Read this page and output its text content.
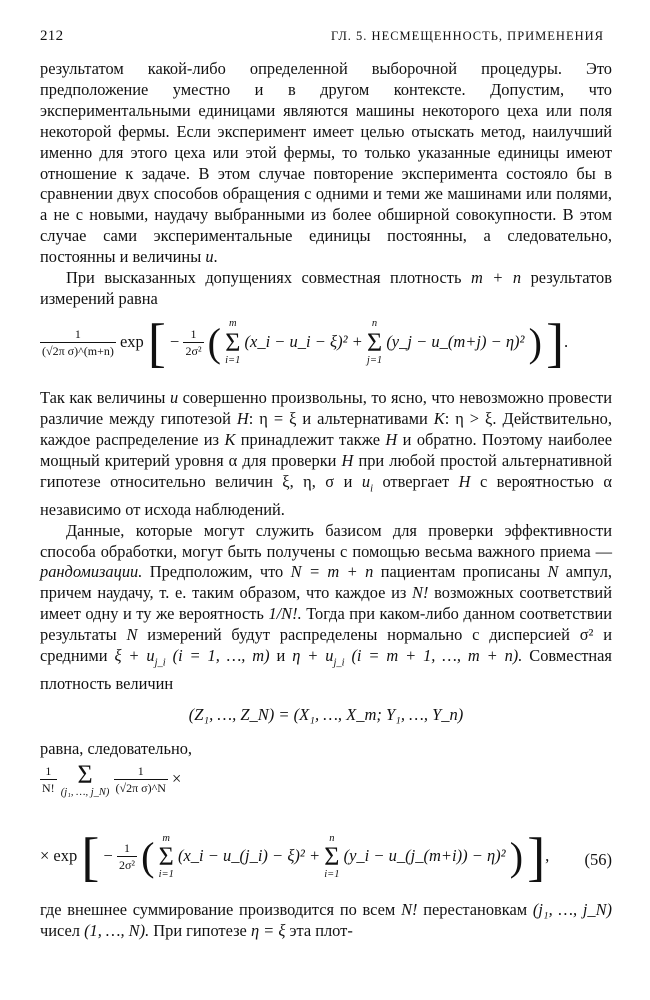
212	ГЛ. 5. НЕСМЕЩЕННОСТЬ, ПРИМЕНЕНИЯ

результатом какой-либо определенной выборочной процедуры. Это предположение уместно и в другом контексте. Допустим, что экспериментальными единицами являются машины некоторого цеха или поля некоторой фермы. Если эксперимент имеет целью отыскать метод, наилучший именно для этого цеха или этой фермы, то только указанные единицы имеют отношение к задаче. В этом случае повторение эксперимента состояло бы в сравнении двух способов обращения с одними и теми же машинами или полями, а не с новыми, наудачу выбранными из более обширной совокупности. В этом случае сами экспериментальные единицы постоянны, а следовательно, постоянны и величины u.

При высказанных допущениях совместная плотность m + n результатов измерений равна

$\frac{1}{\text{(√2π σ)\textasciicircum{}(m+n)}}$ exp [ − $\frac{1}{\text{2σ²}}$ ( m
Σ
i=1
(x_i − u_i − ξ)² +
n
Σ
j=1
(y_j − u_(m+j) − η)² ) ].

Так как величины u совершенно произвольны, то ясно, что невозможно провести различие между гипотезой H: η = ξ и альтернативами K: η > ξ. Действительно, каждое распределение из K принадлежит также H и обратно. Поэтому наиболее мощный критерий уровня α для проверки H при любой простой альтернативной гипотезе относительно величин ξ, η, σ и $u_i$ отвергает H с вероятностью α независимо от исхода наблюдений.

Данные, которые могут служить базисом для проверки эффективности способа обработки, могут быть получены с помощью весьма важного приема — рандомизации. Предположим, что N = m + n пациентам прописаны N ампул, причем наудачу, т. е. таким образом, что каждое из N! возможных соответствий имеет одну и ту же вероятность 1/N!. Тогда при каком-либо данном соответствии результаты N измерений будут распределены нормально с дисперсией σ² и средними $\xi + u_{j\_i}$ (i = 1, …, m) и $\eta + u_{j\_i}$ (i = m + 1, …, m + n). Совместная плотность величин

(Z₁, …, Z_N) = (X₁, …, X_m; Y₁, …, Y_n)

равна, следовательно,

$\frac{1}{N!}$
Σ
(j₁, …, j_N)
$\frac{1}{\text{(√2π σ)\textasciicircum{}N}}$ ×
(56)
× exp [ − $\frac{1}{\text{2σ²}}$ ( m
Σ
i=1
(x_i − u_(j_i) − ξ)² +
n
Σ
i=1
(y_i − u_(j_(m+i)) − η)² ) ],

где внешнее суммирование производится по всем N! перестановкам (j₁, …, j_N) чисел (1, …, N). При гипотезе η = ξ эта плот-
